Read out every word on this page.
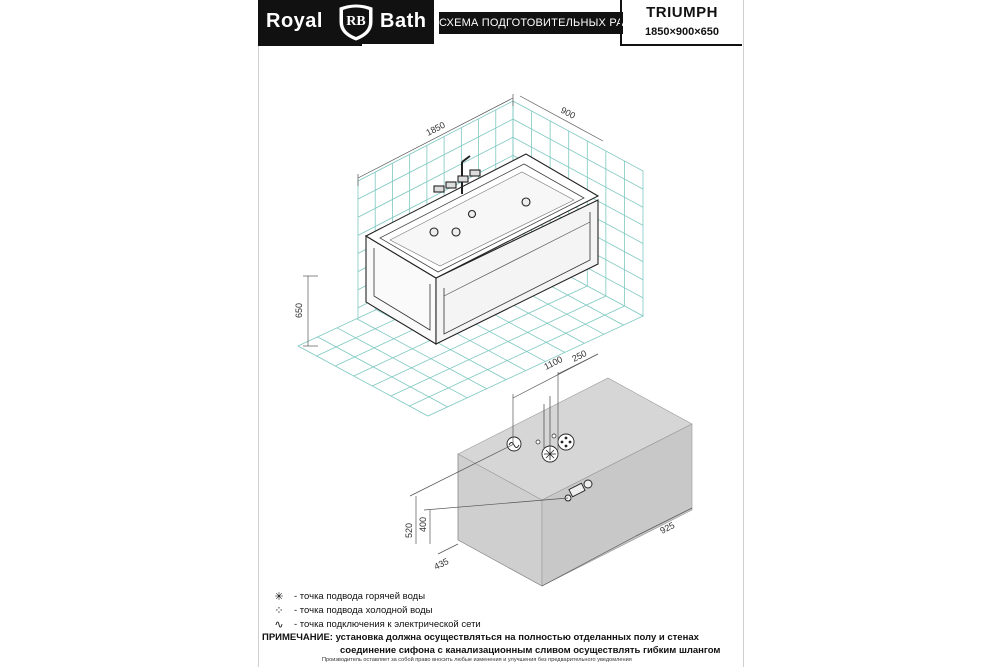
Royal RB Bath СХЕМА ПОДГОТОВИТЕЛЬНЫХ РАБОТ
TRIUMPH
1850×900×650
1850
900
650
1100 250
520 400
435
925
✳ - точка подвода горячей воды
⁘ - точка подвода холодной воды
∿ - точка подключения к электрической сети
ПРИМЕЧАНИЕ: установка должна осуществляться на полностью отделанных полу и стенах
соединение сифона с канализационным сливом осуществлять гибким шлангом
Производитель оставляет за собой право вносить любые изменения и улучшения без предварительного уведомления
